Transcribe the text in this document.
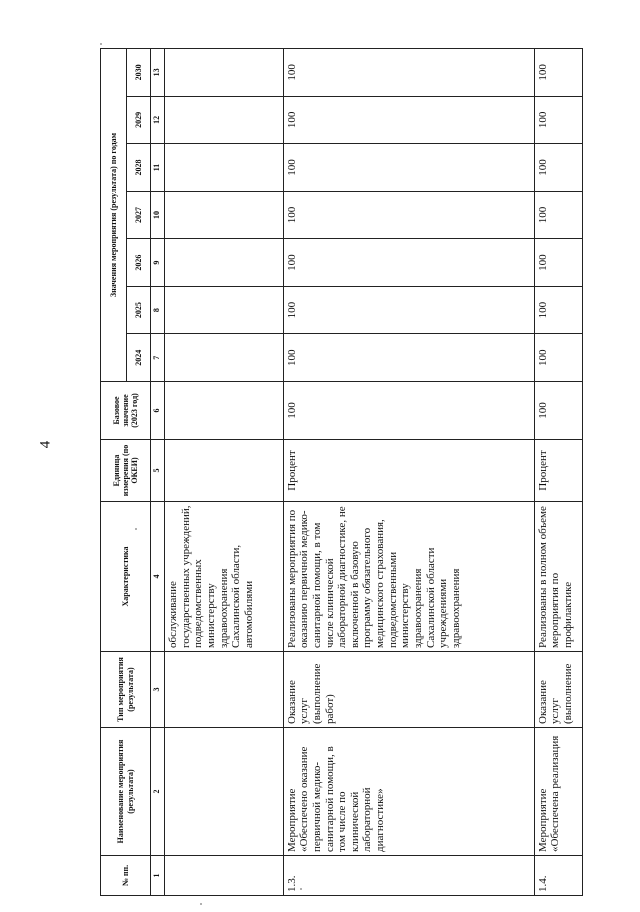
4
№ пп.	Наименование мероприятия (результата)	Тип мероприятия (результата)	Характеристика	Единица измерения (по ОКЕИ)	Базовое значение (2023 год)	Значения мероприятия (результата) по годам						
						2024	2025	2026	2027	2028	2029	2030
1	2	3	4	5	6	7	8	9	10	11	12	13
			обслуживание государственных учреждений, подведомственных министерству здравоохранения Сахалинской области, автомобилями									
1.3.	Мероприятие «Обеспечено оказание первичной медико-санитарной помощи, в том числе по клинической лабораторной диагностике»	Оказание услуг (выполнение работ)	Реализованы мероприятия по оказанию первичной медико-санитарной помощи, в том числе клинической лабораторной диагностике, не включенной в базовую программу обязательного медицинского страхования, подведомственными министерству здравоохранения Сахалинской области учреждениями здравоохранения	Процент	100	100	100	100	100	100	100	100
1.4.	Мероприятие «Обеспечена реализация	Оказание услуг (выполнение	Реализованы в полном объеме мероприятия по профилактике	Процент	100	100	100	100	100	100	100	100
